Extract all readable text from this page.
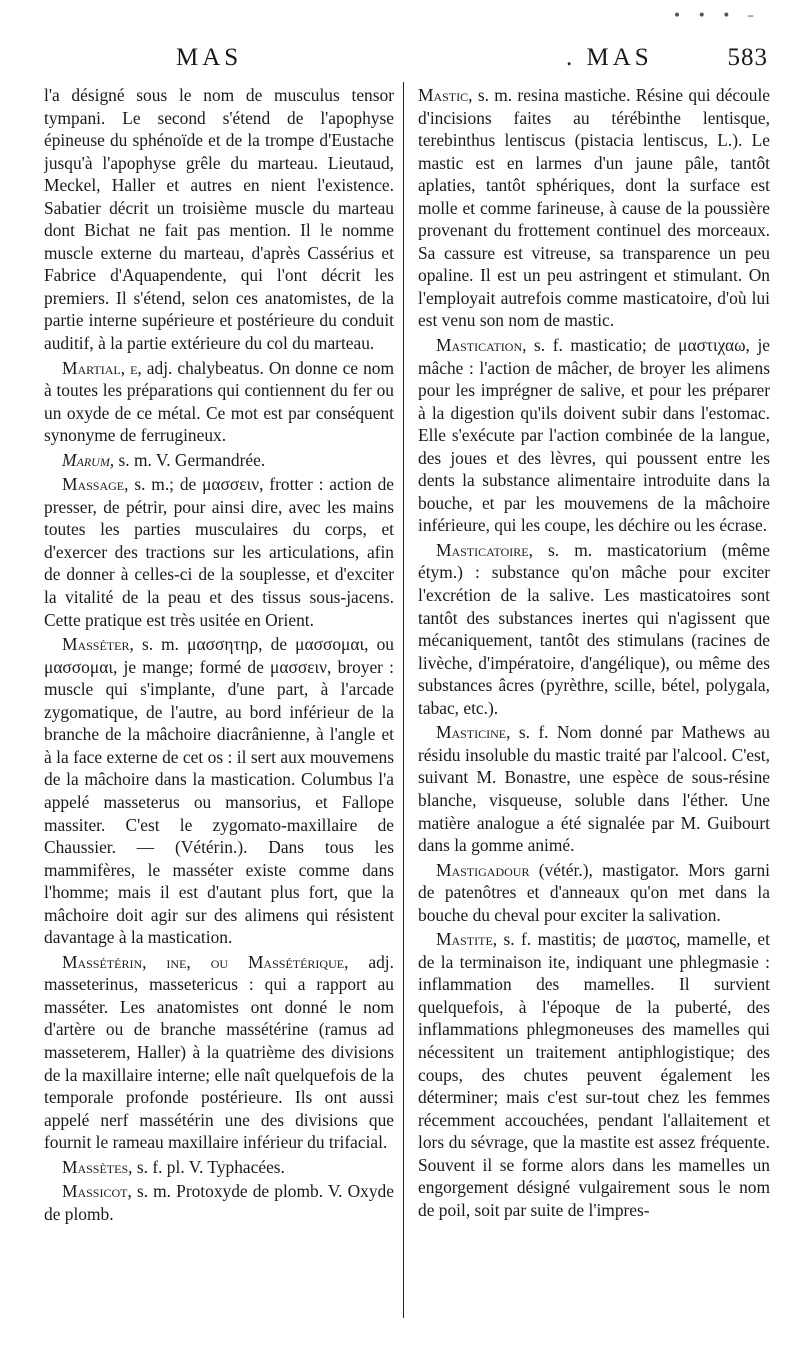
• • • –
MAS	. MAS	583

l'a désigné sous le nom de musculus tensor tympani. Le second s'étend de l'apophyse épineuse du sphénoïde et de la trompe d'Eustache jusqu'à l'apophyse grêle du marteau. Lieutaud, Meckel, Haller et autres en nient l'existence. Sabatier décrit un troisième muscle du marteau dont Bichat ne fait pas mention. Il le nomme muscle externe du marteau, d'après Cassérius et Fabrice d'Aquapendente, qui l'ont décrit les premiers. Il s'étend, selon ces anatomistes, de la partie interne supérieure et postérieure du conduit auditif, à la partie extérieure du col du marteau.

Martial, e, adj. chalybeatus. On donne ce nom à toutes les préparations qui contiennent du fer ou un oxyde de ce métal. Ce mot est par conséquent synonyme de ferrugineux.

Marum, s. m. V. Germandrée.

Massage, s. m.; de μασσειν, frotter : action de presser, de pétrir, pour ainsi dire, avec les mains toutes les parties musculaires du corps, et d'exercer des tractions sur les articulations, afin de donner à celles-ci de la souplesse, et d'exciter la vitalité de la peau et des tissus sous-jacens. Cette pratique est très usitée en Orient.

Masséter, s. m. μασσητηρ, de μασσομαι, ou μασσομαι, je mange; formé de μασσειν, broyer : muscle qui s'implante, d'une part, à l'arcade zygomatique, de l'autre, au bord inférieur de la branche de la mâchoire diacrânienne, à l'angle et à la face externe de cet os : il sert aux mouvemens de la mâchoire dans la mastication. Columbus l'a appelé masseterus ou mansorius, et Fallope massiter. C'est le zygomato-maxillaire de Chaussier. — (Vétérin.). Dans tous les mammifères, le masséter existe comme dans l'homme; mais il est d'autant plus fort, que la mâchoire doit agir sur des alimens qui résistent davantage à la mastication.

Massétérin, ine, ou Massétérique, adj. masseterinus, massetericus : qui a rapport au masséter. Les anatomistes ont donné le nom d'artère ou de branche massétérine (ramus ad masseterem, Haller) à la quatrième des divisions de la maxillaire interne; elle naît quelquefois de la temporale profonde postérieure. Ils ont aussi appelé nerf massétérin une des divisions que fournit le rameau maxillaire inférieur du trifacial.

Massètes, s. f. pl. V. Typhacées.

Massicot, s. m. Protoxyde de plomb. V. Oxyde de plomb.

Mastic, s. m. resina mastiche. Résine qui découle d'incisions faites au térébinthe lentisque, terebinthus lentiscus (pistacia lentiscus, L.). Le mastic est en larmes d'un jaune pâle, tantôt aplaties, tantôt sphériques, dont la surface est molle et comme farineuse, à cause de la poussière provenant du frottement continuel des morceaux. Sa cassure est vitreuse, sa transparence un peu opaline. Il est un peu astringent et stimulant. On l'employait autrefois comme masticatoire, d'où lui est venu son nom de mastic.

Mastication, s. f. masticatio; de μαστιχαω, je mâche : l'action de mâcher, de broyer les alimens pour les imprégner de salive, et pour les préparer à la digestion qu'ils doivent subir dans l'estomac. Elle s'exécute par l'action combinée de la langue, des joues et des lèvres, qui poussent entre les dents la substance alimentaire introduite dans la bouche, et par les mouvemens de la mâchoire inférieure, qui les coupe, les déchire ou les écrase.

Masticatoire, s. m. masticatorium (même étym.) : substance qu'on mâche pour exciter l'excrétion de la salive. Les masticatoires sont tantôt des substances inertes qui n'agissent que mécaniquement, tantôt des stimulans (racines de livèche, d'impératoire, d'angélique), ou même des substances âcres (pyrèthre, scille, bétel, polygala, tabac, etc.).

Masticine, s. f. Nom donné par Mathews au résidu insoluble du mastic traité par l'alcool. C'est, suivant M. Bonastre, une espèce de sous-résine blanche, visqueuse, soluble dans l'éther. Une matière analogue a été signalée par M. Guibourt dans la gomme animé.

Mastigadour (vétér.), mastigator. Mors garni de patenôtres et d'anneaux qu'on met dans la bouche du cheval pour exciter la salivation.

Mastite, s. f. mastitis; de μαστος, mamelle, et de la terminaison ite, indiquant une phlegmasie : inflammation des mamelles. Il survient quelquefois, à l'époque de la puberté, des inflammations phlegmoneuses des mamelles qui nécessitent un traitement antiphlogistique; des coups, des chutes peuvent également les déterminer; mais c'est sur-tout chez les femmes récemment accouchées, pendant l'allaitement et lors du sévrage, que la mastite est assez fréquente. Souvent il se forme alors dans les mamelles un engorgement désigné vulgairement sous le nom de poil, soit par suite de l'impres-
